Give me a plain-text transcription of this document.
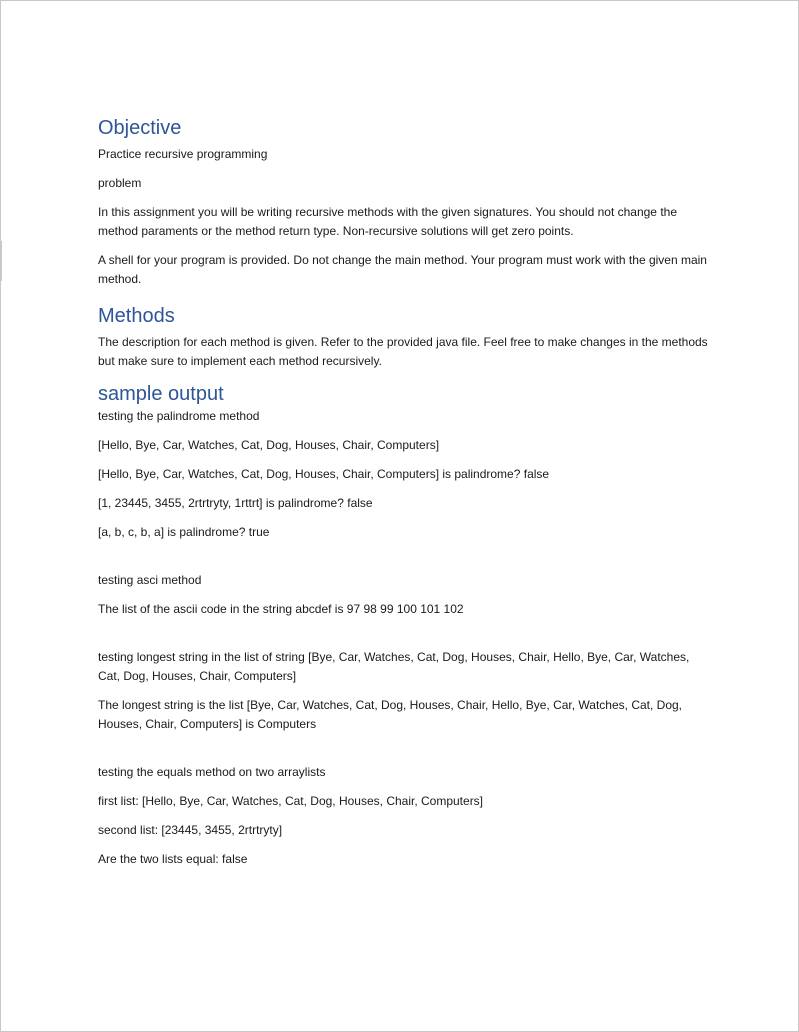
Objective

Practice recursive programming

problem

In this assignment you will be writing recursive methods with the given signatures. You should not change the method paraments or the method return type. Non-recursive solutions will get zero points.

A shell for your program is provided. Do not change the main method. Your program must work with the given main method.

Methods

The description for each method is given. Refer to the provided java file. Feel free to make changes in the methods but make sure to implement each method recursively.

sample output

testing the palindrome method

[Hello, Bye, Car, Watches, Cat, Dog, Houses, Chair, Computers]

[Hello, Bye, Car, Watches, Cat, Dog, Houses, Chair, Computers] is palindrome? false

[1, 23445, 3455, 2rtrtryty, 1rttrt] is palindrome? false

[a, b, c, b, a] is palindrome? true

testing asci method

The list of the ascii code in the string abcdef is 97 98 99 100 101 102

testing longest string in the list of string [Bye, Car, Watches, Cat, Dog, Houses, Chair, Hello, Bye, Car, Watches, Cat, Dog, Houses, Chair, Computers]

The longest string is the list [Bye, Car, Watches, Cat, Dog, Houses, Chair, Hello, Bye, Car, Watches, Cat, Dog, Houses, Chair, Computers] is Computers

testing the equals method on two arraylists

first list: [Hello, Bye, Car, Watches, Cat, Dog, Houses, Chair, Computers]

second list: [23445, 3455, 2rtrtryty]

Are the two lists equal: false
